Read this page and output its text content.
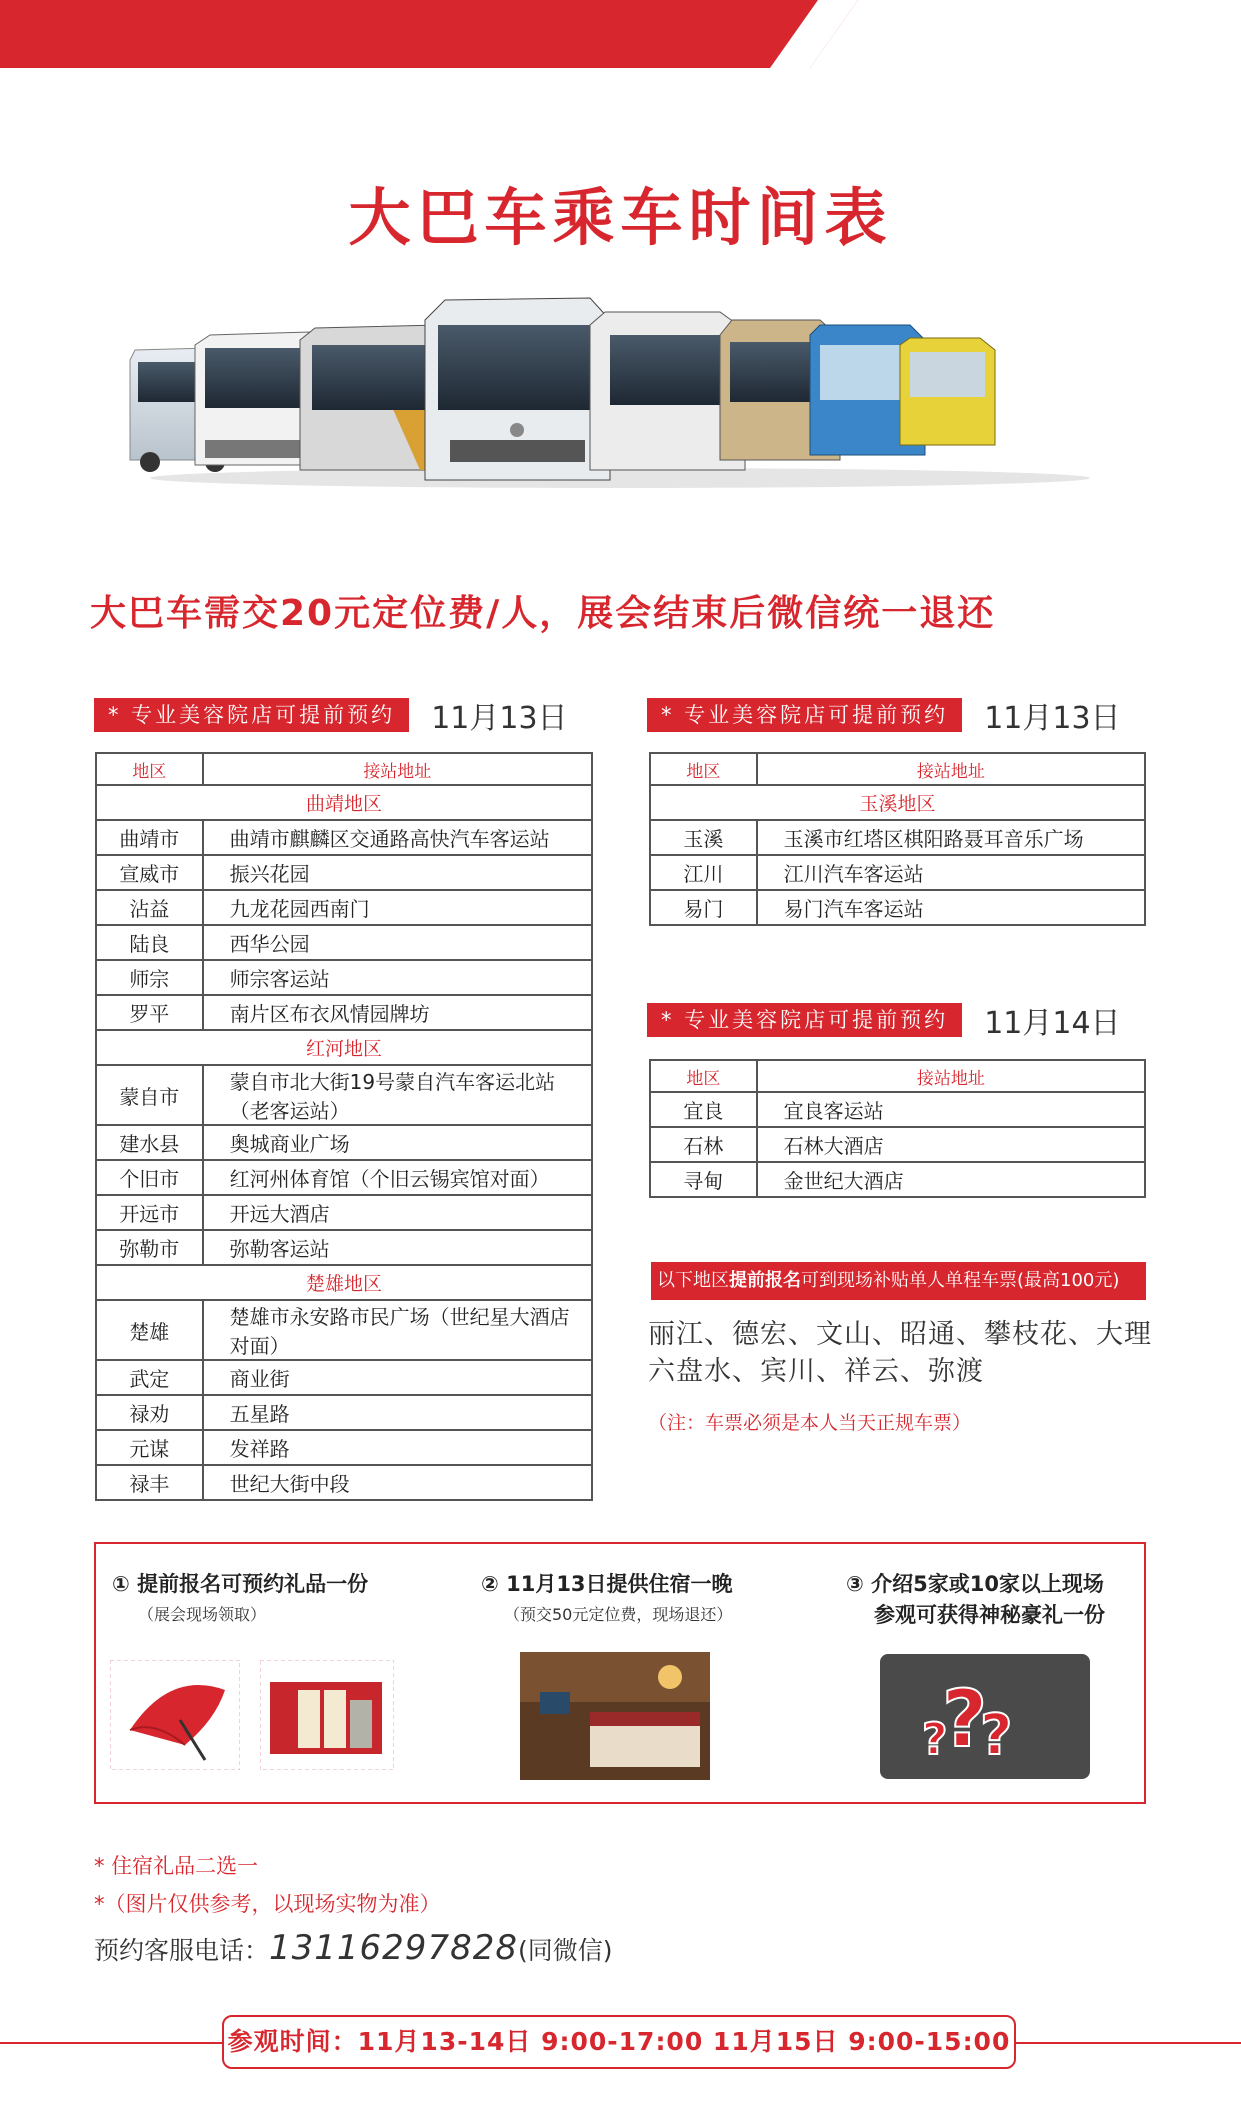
大巴车乘车时间表
大巴车需交20元定位费/人，展会结束后微信统一退还
* 专业美容院店可提前预约	11月13日
地区	接站地址
曲靖地区	
曲靖市	曲靖市麒麟区交通路高快汽车客运站
宣威市	振兴花园
沾益	九龙花园西南门
陆良	西华公园
师宗	师宗客运站
罗平	南片区布衣风情园牌坊
红河地区	
蒙自市	蒙自市北大街19号蒙自汽车客运北站（老客运站）
建水县	奥城商业广场
个旧市	红河州体育馆（个旧云锡宾馆对面）
开远市	开远大酒店
弥勒市	弥勒客运站
楚雄地区	
楚雄	楚雄市永安路市民广场（世纪星大酒店对面）
武定	商业街
禄劝	五星路
元谋	发祥路
禄丰	世纪大街中段
* 专业美容院店可提前预约	11月13日
地区	接站地址
玉溪地区	
玉溪	玉溪市红塔区棋阳路聂耳音乐广场
江川	江川汽车客运站
易门	易门汽车客运站
* 专业美容院店可提前预约	11月14日
地区	接站地址
宜良	宜良客运站
石林	石林大酒店
寻甸	金世纪大酒店
以下地区提前报名可到现场补贴单人单程车票(最高100元)
丽江、德宏、文山、昭通、攀枝花、大理
六盘水、宾川、祥云、弥渡
（注：车票必须是本人当天正规车票）
① 提前报名可预约礼品一份
（展会现场领取）
② 11月13日提供住宿一晚
（预交50元定位费，现场退还）
③ 介绍5家或10家以上现场
参观可获得神秘豪礼一份
?
?
?
* 住宿礼品二选一
*（图片仅供参考，以现场实物为准）
预约客服电话：13116297828(同微信)
参观时间：11月13-14日 9:00-17:00 11月15日 9:00-15:00
